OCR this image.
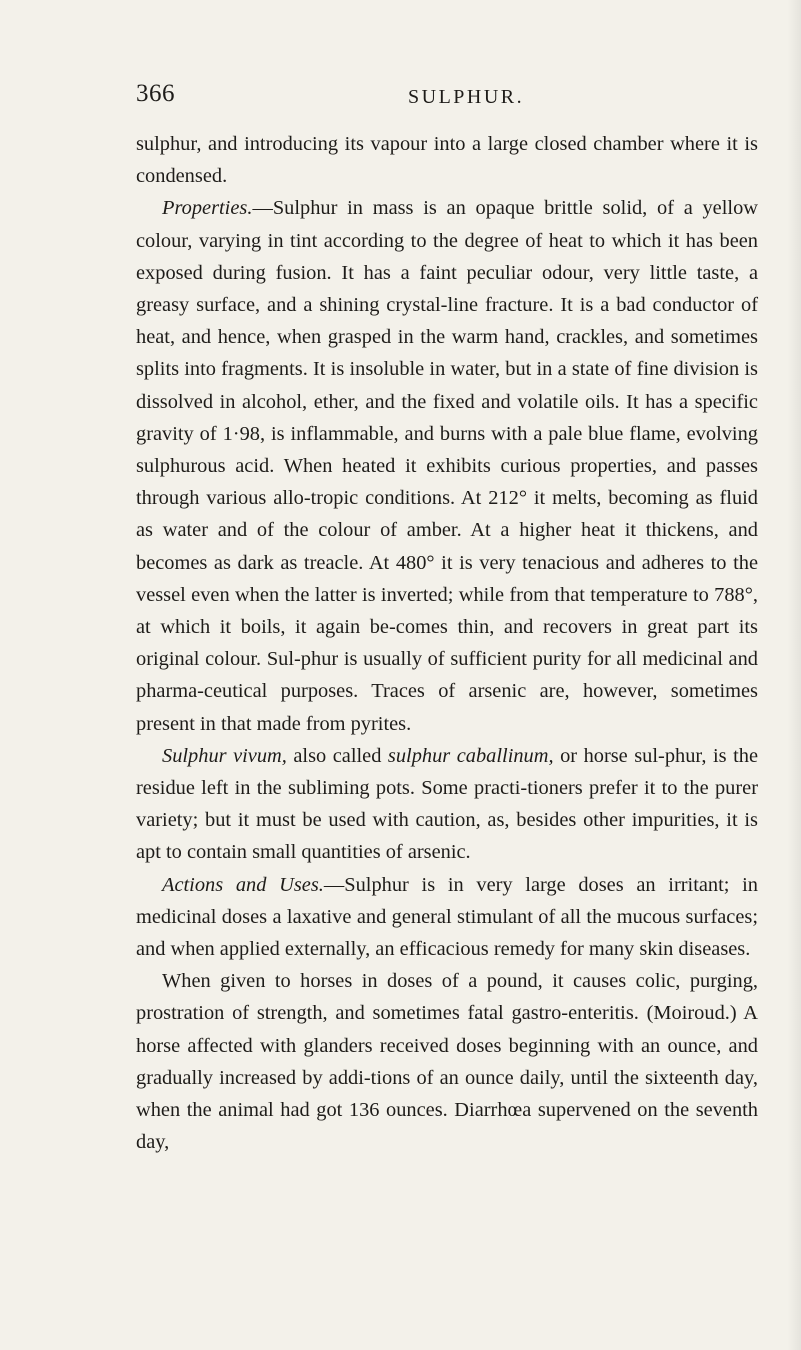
366	SULPHUR.

sulphur, and introducing its vapour into a large closed chamber where it is condensed.

Properties.—Sulphur in mass is an opaque brittle solid, of a yellow colour, varying in tint according to the degree of heat to which it has been exposed during fusion. It has a faint peculiar odour, very little taste, a greasy surface, and a shining crystal-line fracture. It is a bad conductor of heat, and hence, when grasped in the warm hand, crackles, and sometimes splits into fragments. It is insoluble in water, but in a state of fine division is dissolved in alcohol, ether, and the fixed and volatile oils. It has a specific gravity of 1·98, is inflammable, and burns with a pale blue flame, evolving sulphurous acid. When heated it exhibits curious properties, and passes through various allo-tropic conditions. At 212° it melts, becoming as fluid as water and of the colour of amber. At a higher heat it thickens, and becomes as dark as treacle. At 480° it is very tenacious and adheres to the vessel even when the latter is inverted; while from that temperature to 788°, at which it boils, it again be-comes thin, and recovers in great part its original colour. Sul-phur is usually of sufficient purity for all medicinal and pharma-ceutical purposes. Traces of arsenic are, however, sometimes present in that made from pyrites.

Sulphur vivum, also called sulphur caballinum, or horse sul-phur, is the residue left in the subliming pots. Some practi-tioners prefer it to the purer variety; but it must be used with caution, as, besides other impurities, it is apt to contain small quantities of arsenic.

Actions and Uses.—Sulphur is in very large doses an irritant; in medicinal doses a laxative and general stimulant of all the mucous surfaces; and when applied externally, an efficacious remedy for many skin diseases.

When given to horses in doses of a pound, it causes colic, purging, prostration of strength, and sometimes fatal gastro-enteritis. (Moiroud.) A horse affected with glanders received doses beginning with an ounce, and gradually increased by addi-tions of an ounce daily, until the sixteenth day, when the animal had got 136 ounces. Diarrhœa supervened on the seventh day,
